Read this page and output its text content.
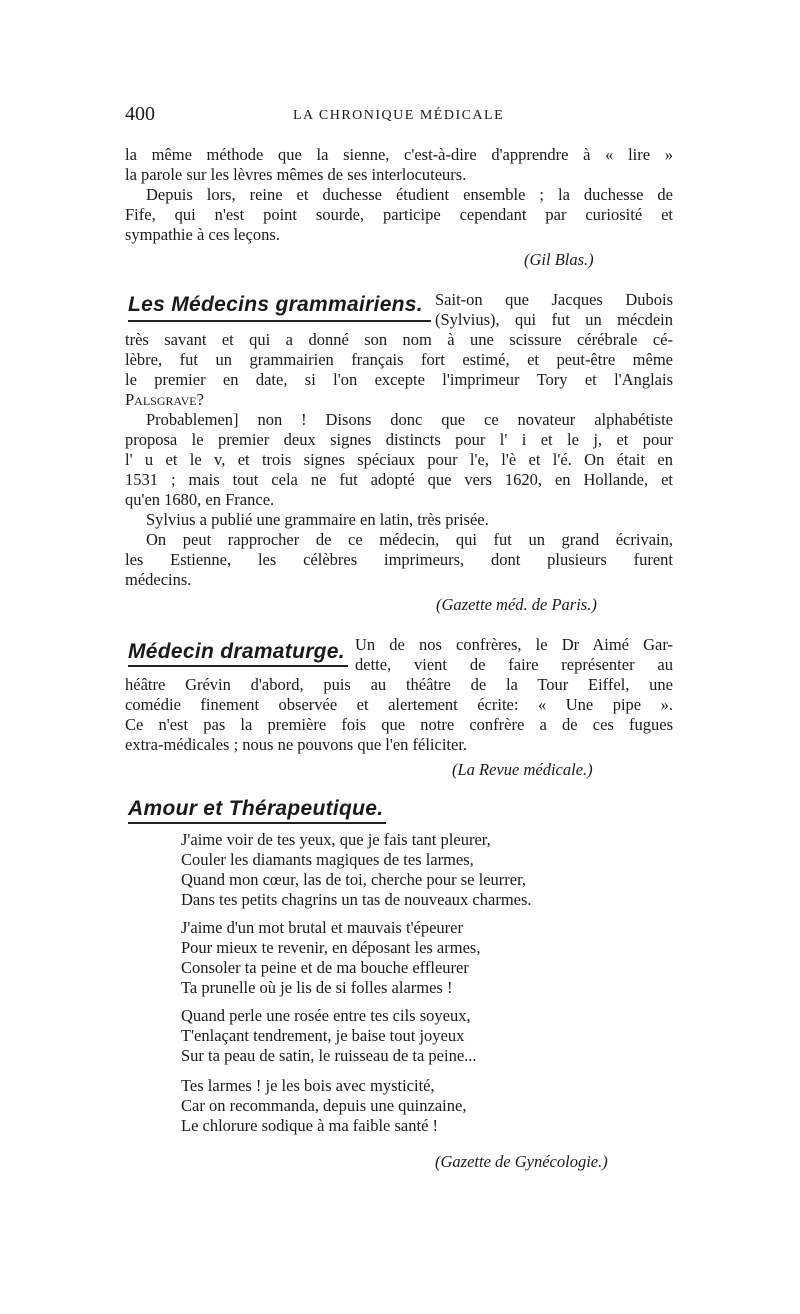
400	LA CHRONIQUE MÉDICALE
la même méthode que la sienne, c'est-à-dire d'apprendre à « lire »
la parole sur les lèvres mêmes de ses interlocuteurs.
Depuis lors, reine et duchesse étudient ensemble ; la duchesse de
Fife, qui n'est point sourde, participe cependant par curiosité et
sympathie à ces leçons.
(Gil Blas.)
Les Médecins grammairiens. Sait-on que Jacques Dubois
(Sylvius), qui fut un mécdein
très savant et qui a donné son nom à une scissure cérébrale cé-
lèbre, fut un grammairien français fort estimé, et peut-être même
le premier en date, si l'on excepte l'imprimeur Tory et l'Anglais
Palsgrave?
Probablemen] non ! Disons donc que ce novateur alphabétiste
proposa le premier deux signes distincts pour l' i et le j, et pour
l' u et le v, et trois signes spéciaux pour l'e, l'è et l'é. On était en
1531 ; mais tout cela ne fut adopté que vers 1620, en Hollande, et
qu'en 1680, en France.
Sylvius a publié une grammaire en latin, très prisée.
On peut rapprocher de ce médecin, qui fut un grand écrivain,
les Estienne, les célèbres imprimeurs, dont plusieurs furent
médecins.
(Gazette méd. de Paris.)
Médecin dramaturge. Un de nos confrères, le Dr Aimé Gar-
dette, vient de faire représenter au
héâtre Grévin d'abord, puis au théâtre de la Tour Eiffel, une
comédie finement observée et alertement écrite: « Une pipe ».
Ce n'est pas la première fois que notre confrère a de ces fugues
extra-médicales ; nous ne pouvons que l'en féliciter.
(La Revue médicale.)
Amour et Thérapeutique.
J'aime voir de tes yeux, que je fais tant pleurer,
Couler les diamants magiques de tes larmes,
Quand mon cœur, las de toi, cherche pour se leurrer,
Dans tes petits chagrins un tas de nouveaux charmes.
J'aime d'un mot brutal et mauvais t'épeurer
Pour mieux te revenir, en déposant les armes,
Consoler ta peine et de ma bouche effleurer
Ta prunelle où je lis de si folles alarmes !
Quand perle une rosée entre tes cils soyeux,
T'enlaçant tendrement, je baise tout joyeux
Sur ta peau de satin, le ruisseau de ta peine...
Tes larmes ! je les bois avec mysticité,
Car on recommanda, depuis une quinzaine,
Le chlorure sodique à ma faible santé !
(Gazette de Gynécologie.)
